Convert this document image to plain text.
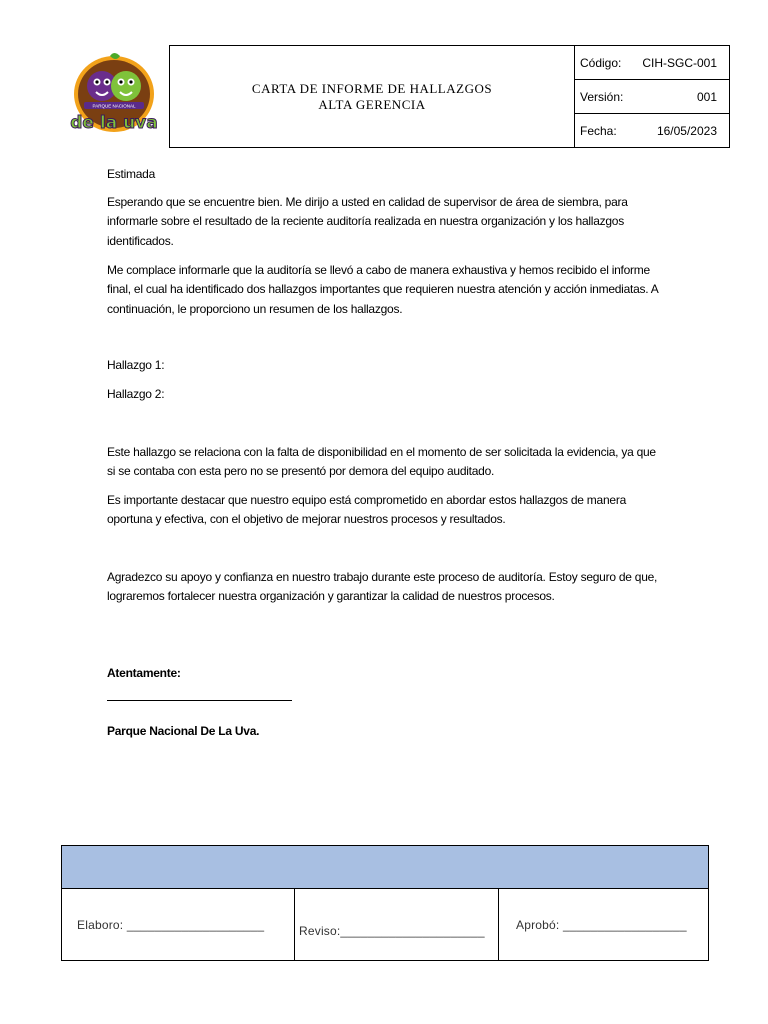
PARQUE NACIONAL
de la uva
CARTA DE INFORME DE HALLAZGOS
ALTA GERENCIA
Código: CIH-SGC-001
Versión:	001
Fecha:	16/05/2023
Estimada
Esperando que se encuentre bien. Me dirijo a usted en calidad de supervisor de área de siembra, para informarle sobre el resultado de la reciente auditoría realizada en nuestra organización y los hallazgos identificados.
Me complace informarle que la auditoría se llevó a cabo de manera exhaustiva y hemos recibido el informe final, el cual ha identificado dos hallazgos importantes que requieren nuestra atención y acción inmediatas. A continuación, le proporciono un resumen de los hallazgos.
Hallazgo 1:
Hallazgo 2:
Este hallazgo se relaciona con la falta de disponibilidad en el momento de ser solicitada la evidencia, ya que si se contaba con esta pero no se presentó por demora del equipo auditado.
Es importante destacar que nuestro equipo está comprometido en abordar estos hallazgos de manera oportuna y efectiva, con el objetivo de mejorar nuestros procesos y resultados.
Agradezco su apoyo y confianza en nuestro trabajo durante este proceso de auditoría. Estoy seguro de que, lograremos fortalecer nuestra organización y garantizar la calidad de nuestros procesos.
Atentamente:
Parque Nacional De La Uva.
Elaboro: ____________________	Reviso:_____________________	Aprobó: __________________
